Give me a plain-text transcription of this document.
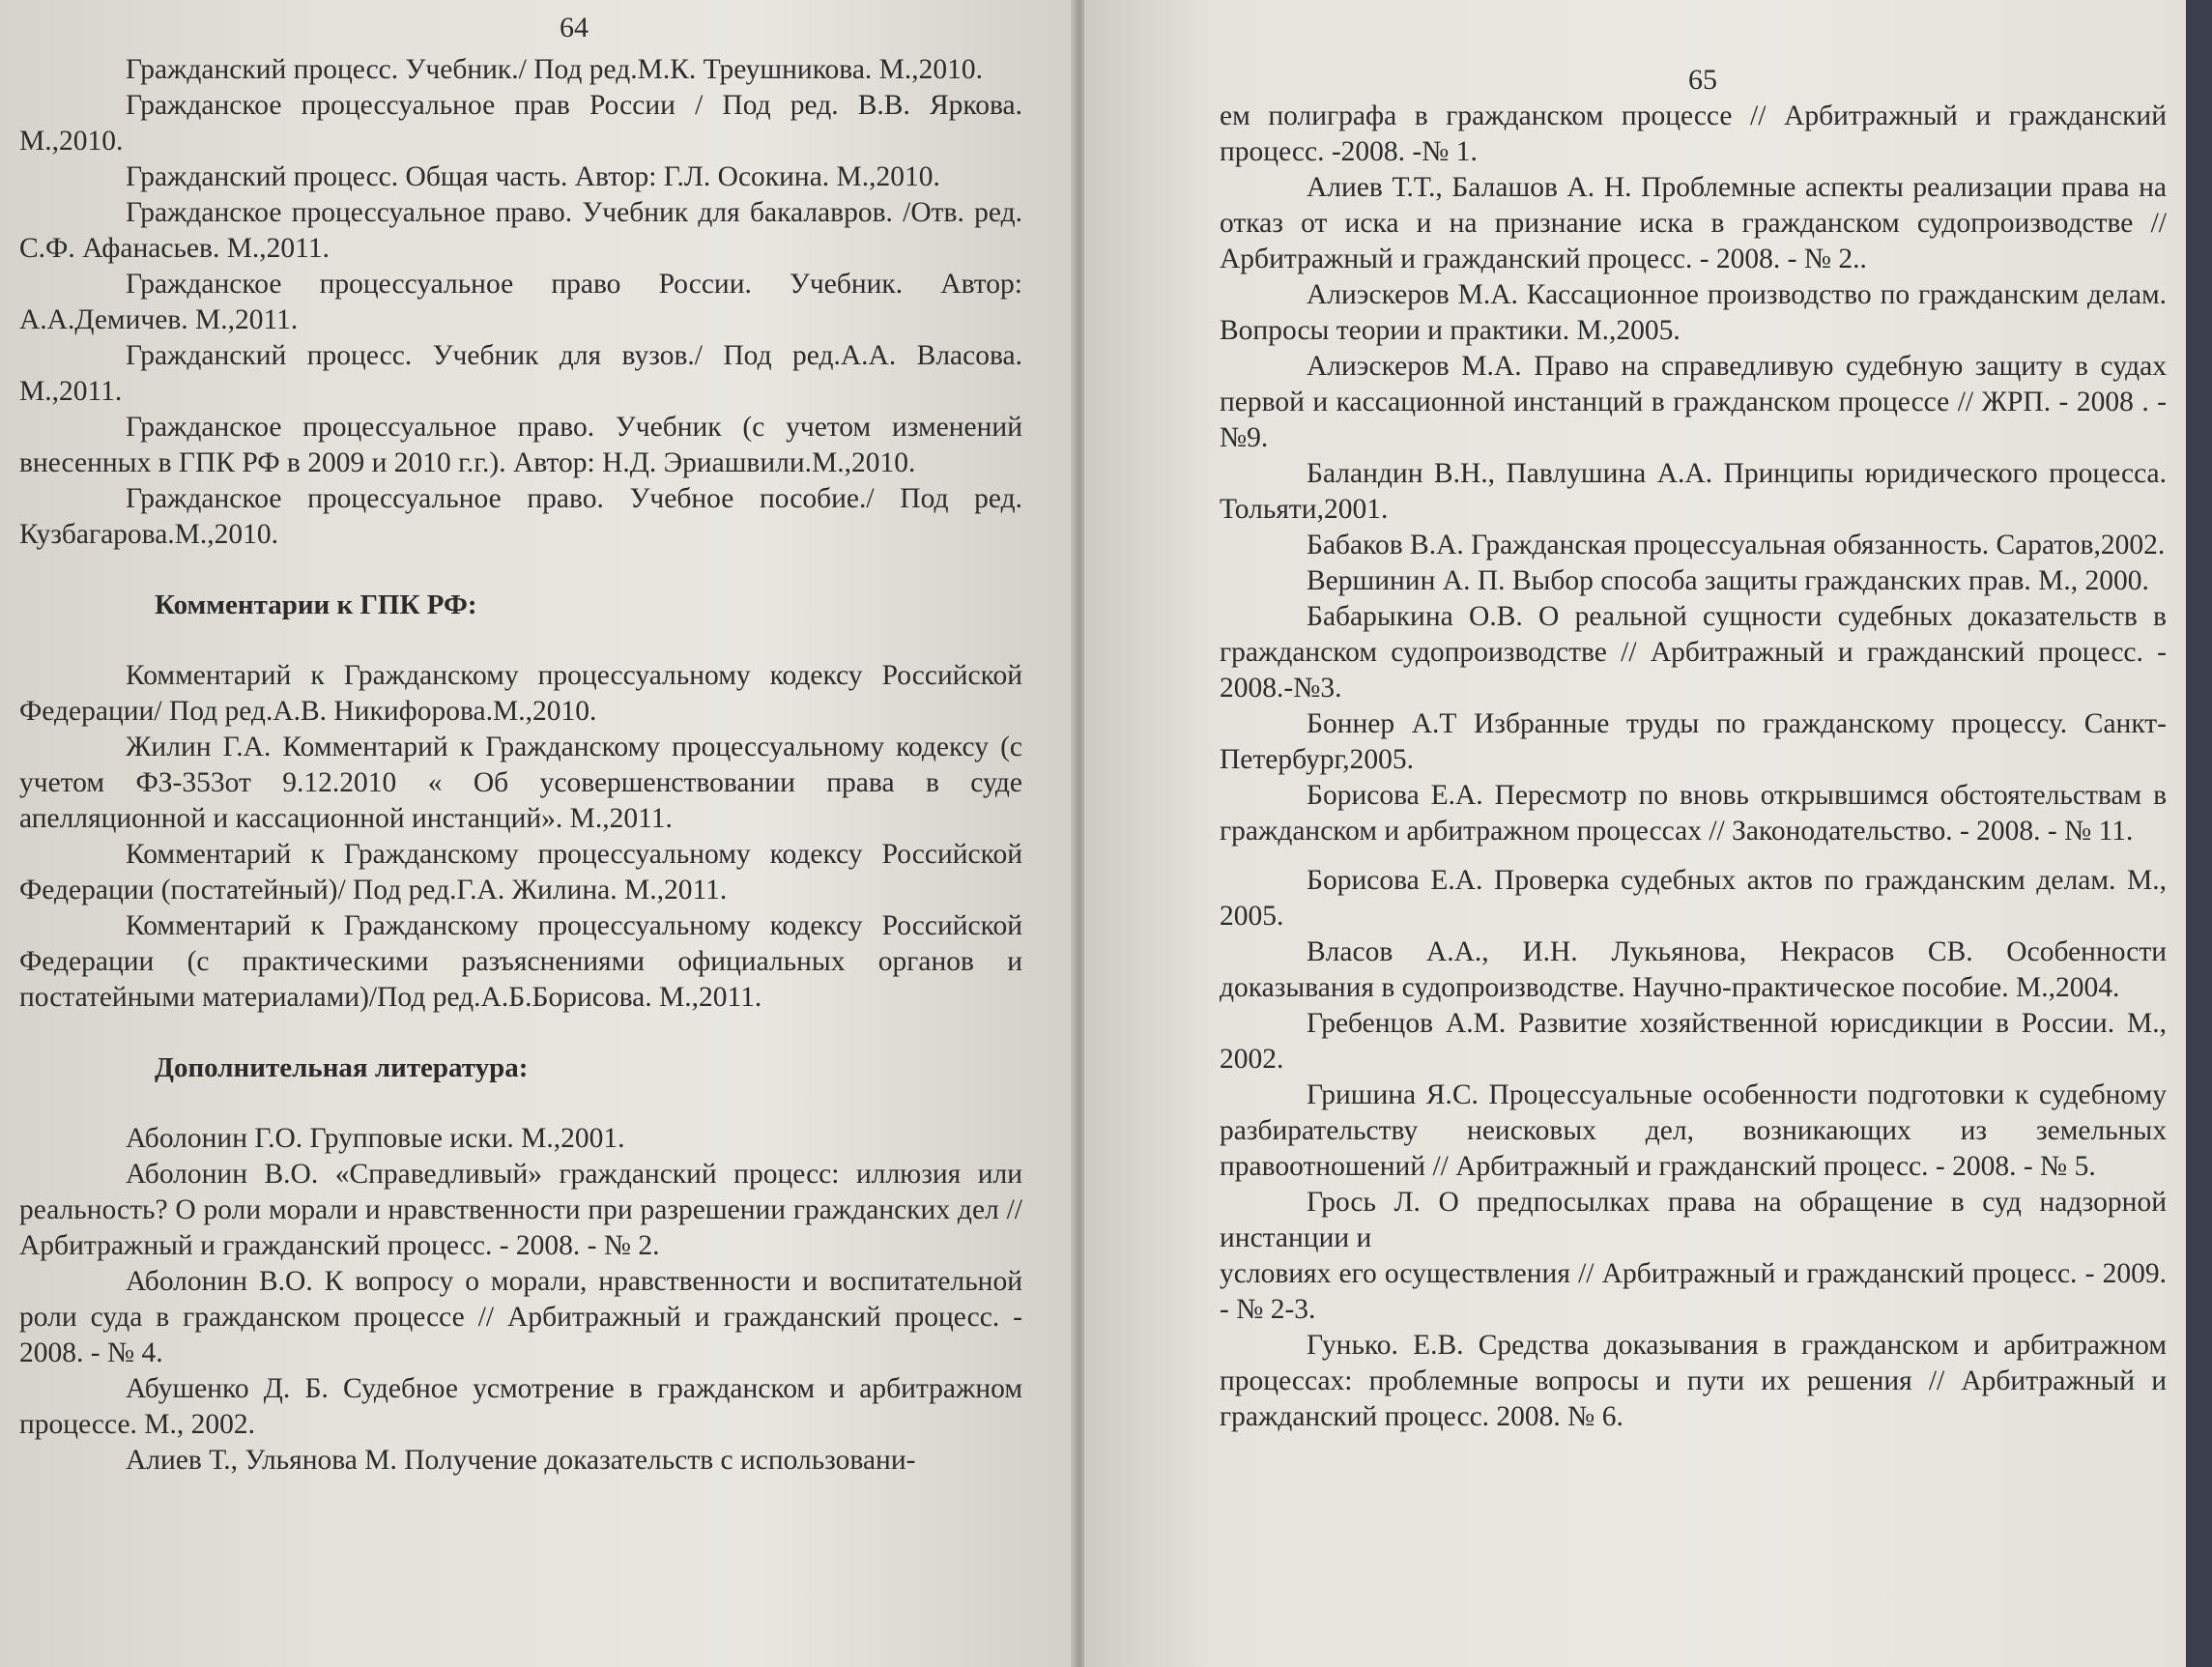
64

Гражданский процесс. Учебник./ Под ред.М.К. Треушникова. М.,2010.

Гражданское процессуальное прав России / Под ред. В.В. Яркова. М.,2010.

Гражданский процесс. Общая часть. Автор: Г.Л. Осокина. М.,2010.

Гражданское процессуальное право. Учебник для бакалавров. /Отв. ред. С.Ф. Афанасьев. М.,2011.

Гражданское процессуальное право России. Учебник. Автор: А.А.Демичев. М.,2011.

Гражданский процесс. Учебник для вузов./ Под ред.А.А. Власова. М.,2011.

Гражданское процессуальное право. Учебник (с учетом изменений внесенных в ГПК РФ в 2009 и 2010 г.г.). Автор: Н.Д. Эриашвили.М.,2010.

Гражданское процессуальное право. Учебное пособие./ Под ред. Кузбагарова.М.,2010.

Комментарии к ГПК РФ:

Комментарий к Гражданскому процессуальному кодексу Российской Федерации/ Под ред.А.В. Никифорова.М.,2010.

Жилин Г.А. Комментарий к Гражданскому процессуальному кодексу (с учетом ФЗ-353от 9.12.2010 « Об усовершенствовании права в суде апелляционной и кассационной инстанций». М.,2011.

Комментарий к Гражданскому процессуальному кодексу Российской Федерации (постатейный)/ Под ред.Г.А. Жилина. М.,2011.

Комментарий к Гражданскому процессуальному кодексу Российской Федерации (с практическими разъяснениями официальных органов и постатейными материалами)/Под ред.А.Б.Борисова. М.,2011.

Дополнительная литература:

Аболонин Г.О. Групповые иски. М.,2001.

Аболонин В.О. «Справедливый» гражданский процесс: иллюзия или реальность? О роли морали и нравственности при разрешении гражданских дел // Арбитражный и гражданский процесс. - 2008. - № 2.

Аболонин В.О. К вопросу о морали, нравственности и воспитательной роли суда в гражданском процессе // Арбитражный и гражданский процесс. - 2008. - № 4.

Абушенко Д. Б. Судебное усмотрение в гражданском и арбитражном процессе. М., 2002.

Алиев Т., Ульянова М. Получение доказательств с использовани-

65

ем полиграфа в гражданском процессе // Арбитражный и гражданский процесс. -2008. -№ 1.

Алиев Т.Т., Балашов А. Н. Проблемные аспекты реализации права на отказ от иска и на признание иска в гражданском судопроизводстве // Арбитражный и гражданский процесс. - 2008. - № 2..

Алиэскеров М.А. Кассационное производство по гражданским делам. Вопросы теории и практики. М.,2005.

Алиэскеров М.А. Право на справедливую судебную защиту в судах первой и кассационной инстанций в гражданском процессе // ЖРП. - 2008 . - №9.

Баландин В.Н., Павлушина А.А. Принципы юридического процесса. Тольяти,2001.

Бабаков В.А. Гражданская процессуальная обязанность. Саратов,2002.

Вершинин А. П. Выбор способа защиты гражданских прав. М., 2000.

Бабарыкина О.В. О реальной сущности судебных доказательств в гражданском судопроизводстве // Арбитражный и гражданский процесс. - 2008.-№3.

Боннер А.Т Избранные труды по гражданскому процессу. Санкт-Петербург,2005.

Борисова Е.А. Пересмотр по вновь открывшимся обстоятельствам в гражданском и арбитражном процессах // Законодательство. - 2008. - № 11.

Борисова Е.А. Проверка судебных актов по гражданским делам. М., 2005.

Власов А.А., И.Н. Лукьянова, Некрасов СВ. Особенности доказывания в судопроизводстве. Научно-практическое пособие. М.,2004.

Гребенцов А.М. Развитие хозяйственной юрисдикции в России. М., 2002.

Гришина Я.С. Процессуальные особенности подготовки к судебному разбирательству неисковых дел, возникающих из земельных правоотношений // Арбитражный и гражданский процесс. - 2008. - № 5.

Грось Л. О предпосылках права на обращение в суд надзорной инстанции и

условиях его осуществления // Арбитражный и гражданский процесс. - 2009. - № 2-3.

Гунько. Е.В. Средства доказывания в гражданском и арбитражном процессах: проблемные вопросы и пути их решения // Арбитражный и гражданский процесс. 2008. № 6.
